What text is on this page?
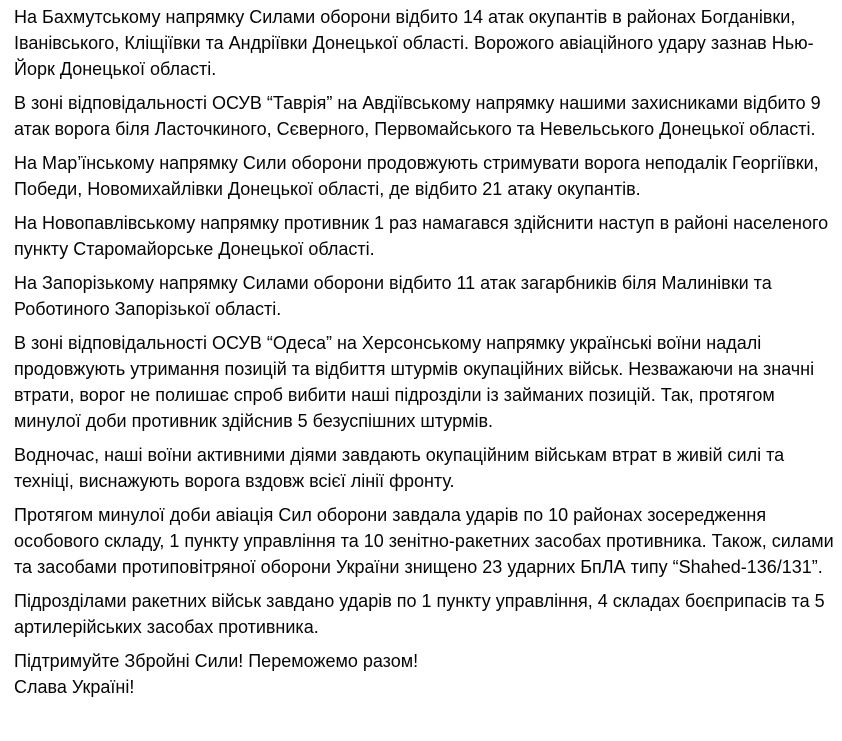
На Бахмутському напрямку Силами оборони відбито 14 атак окупантів в районах Богданівки, Іванівського, Кліщіївки та Андріївки Донецької області. Ворожого авіаційного удару зазнав Нью-Йорк Донецької області.

В зоні відповідальності ОСУВ “Таврія” на Авдіївському напрямку нашими захисниками відбито 9 атак ворога біля Ласточкиного, Сєверного, Первомайського та Невельського Донецької області.

На Мар’їнському напрямку Сили оборони продовжують стримувати ворога неподалік Георгіївки, Победи, Новомихайлівки Донецької області, де відбито 21 атаку окупантів.

На Новопавлівському напрямку противник 1 раз намагався здійснити наступ в районі населеного пункту Старомайорське Донецької області.

На Запорізькому напрямку Силами оборони відбито 11 атак загарбників біля Малинівки та Роботиного Запорізької області.

В зоні відповідальності ОСУВ “Одеса” на Херсонському напрямку українські воїни надалі продовжують утримання позицій та відбиття штурмів окупаційних військ. Незважаючи на значні втрати, ворог не полишає спроб вибити наші підрозділи із займаних позицій. Так, протягом минулої доби противник здійснив 5 безуспішних штурмів.

Водночас, наші воїни активними діями завдають окупаційним військам втрат в живій силі та техніці, виснажують ворога вздовж всієї лінії фронту.

Протягом минулої доби авіація Сил оборони завдала ударів по 10 районах зосередження особового складу, 1 пункту управління та 10 зенітно-ракетних засобах противника. Також, силами та засобами протиповітряної оборони України знищено 23 ударних БпЛА типу “Shahed-136/131”.

Підрозділами ракетних військ завдано ударів по 1 пункту управління, 4 складах боєприпасів та 5 артилерійських засобах противника.

Підтримуйте Збройні Сили! Переможемо разом!
Слава Україні!
